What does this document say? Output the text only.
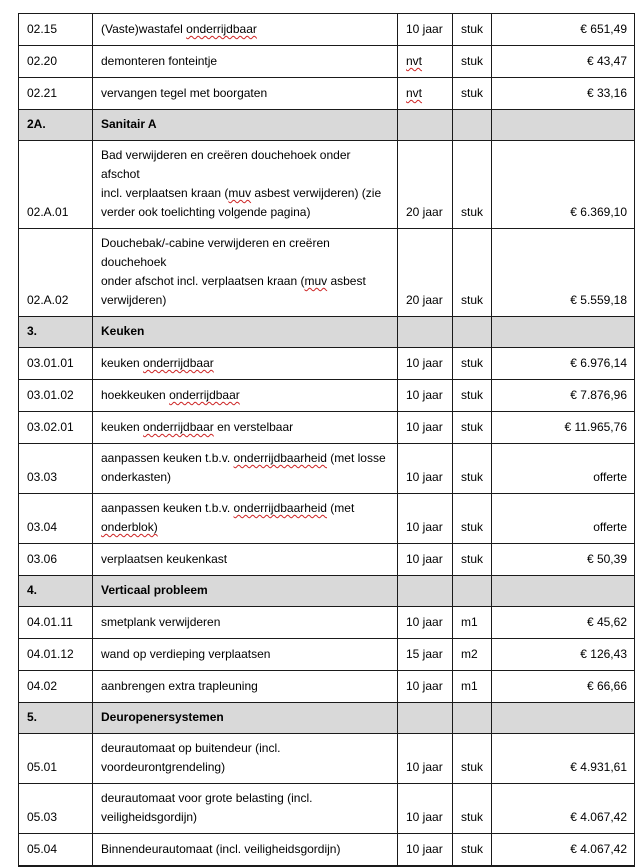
02.15	(Vaste)wastafel onderrijdbaar	10 jaar	stuk	€ 651,49
02.20	demonteren fonteintje	nvt	stuk	€ 43,47
02.21	vervangen tegel met boorgaten	nvt	stuk	€ 33,16
2A.	Sanitair A			
02.A.01	Bad verwijderen en creëren douchehoek onder afschot
incl. verplaatsen kraan (muv asbest verwijderen) (zie
verder ook toelichting volgende pagina)	20 jaar	stuk	€ 6.369,10
02.A.02	Douchebak/-cabine verwijderen en creëren douchehoek
onder afschot incl. verplaatsen kraan (muv asbest
verwijderen)	20 jaar	stuk	€ 5.559,18
3.	Keuken			
03.01.01	keuken onderrijdbaar	10 jaar	stuk	€ 6.976,14
03.01.02	hoekkeuken onderrijdbaar	10 jaar	stuk	€ 7.876,96
03.02.01	keuken onderrijdbaar en verstelbaar	10 jaar	stuk	€ 11.965,76
03.03	aanpassen keuken t.b.v. onderrijdbaarheid (met losse
onderkasten)	10 jaar	stuk	offerte
03.04	aanpassen keuken t.b.v. onderrijdbaarheid (met
onderblok)	10 jaar	stuk	offerte
03.06	verplaatsen keukenkast	10 jaar	stuk	€ 50,39
4.	Verticaal probleem			
04.01.11	smetplank verwijderen	10 jaar	m1	€ 45,62
04.01.12	wand op verdieping verplaatsen	15 jaar	m2	€ 126,43
04.02	aanbrengen extra trapleuning	10 jaar	m1	€ 66,66
5.	Deuropenersystemen			
05.01	deurautomaat op buitendeur (incl.
voordeurontgrendeling)	10 jaar	stuk	€ 4.931,61
05.03	deurautomaat voor grote belasting (incl.
veiligheidsgordijn)	10 jaar	stuk	€ 4.067,42
05.04	Binnendeurautomaat (incl. veiligheidsgordijn)	10 jaar	stuk	€ 4.067,42
